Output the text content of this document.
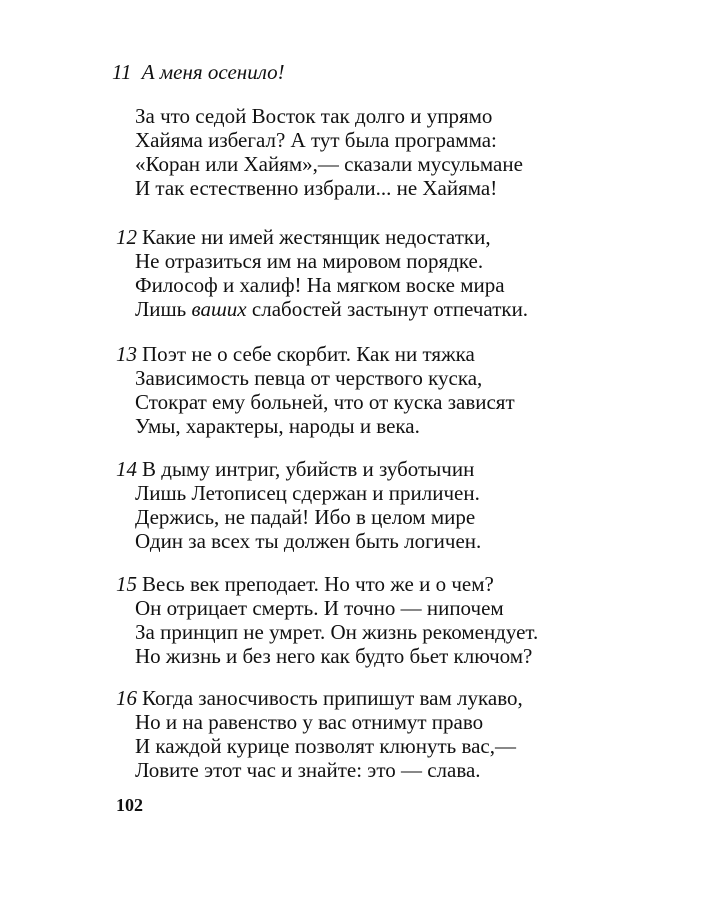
11 А меня осенило!
За что седой Восток так долго и упрямо
Хайяма избегал? А тут была программа:
«Коран или Хайям»,— сказали мусульмане
И так естественно избрали... не Хайяма!
12 Какие ни имей жестянщик недостатки,
Не отразиться им на мировом порядке.
Философ и халиф! На мягком воске мира
Лишь ваших слабостей застынут отпечатки.
13 Поэт не о себе скорбит. Как ни тяжка
Зависимость певца от черствого куска,
Стократ ему больней, что от куска зависят
Умы, характеры, народы и века.
14 В дыму интриг, убийств и зуботычин
Лишь Летописец сдержан и приличен.
Держись, не падай! Ибо в целом мире
Один за всех ты должен быть логичен.
15 Весь век преподает. Но что же и о чем?
Он отрицает смерть. И точно — нипочем
За принцип не умрет. Он жизнь рекомендует.
Но жизнь и без него как будто бьет ключом?
16 Когда заносчивость припишут вам лукаво,
Но и на равенство у вас отнимут право
И каждой курице позволят клюнуть вас,—
Ловите этот час и знайте: это — слава.
102
